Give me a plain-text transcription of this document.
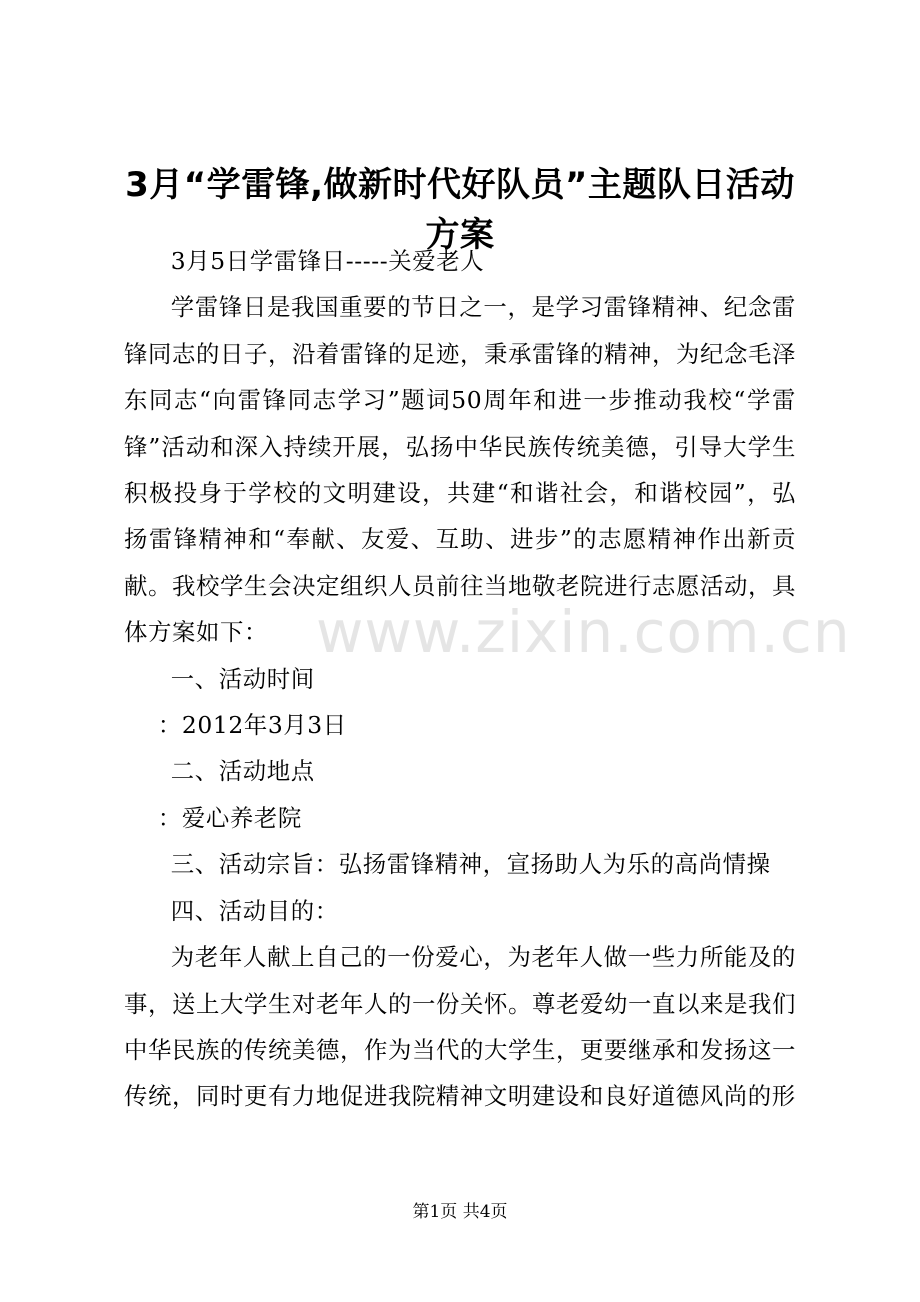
3月“学雷锋,做新时代好队员”主题队日活动方案

3月5日学雷锋日-----关爱老人

学雷锋日是我国重要的节日之一，是学习雷锋精神、纪念雷锋同志的日子，沿着雷锋的足迹，秉承雷锋的精神，为纪念毛泽东同志“向雷锋同志学习”题词50周年和进一步推动我校“学雷锋”活动和深入持续开展，弘扬中华民族传统美德，引导大学生积极投身于学校的文明建设，共建“和谐社会，和谐校园”，弘扬雷锋精神和“奉献、友爱、互助、进步”的志愿精神作出新贡献。我校学生会决定组织人员前往当地敬老院进行志愿活动，具体方案如下：

一、活动时间

：2012年3月3日

二、活动地点

：爱心养老院

三、活动宗旨：弘扬雷锋精神，宣扬助人为乐的高尚情操

四、活动目的：

为老年人献上自己的一份爱心，为老年人做一些力所能及的事，送上大学生对老年人的一份关怀。尊老爱幼一直以来是我们中华民族的传统美德，作为当代的大学生，更要继承和发扬这一传统，同时更有力地促进我院精神文明建设和良好道德风尚的形

www.zixin.com.cn
第1页 共4页
